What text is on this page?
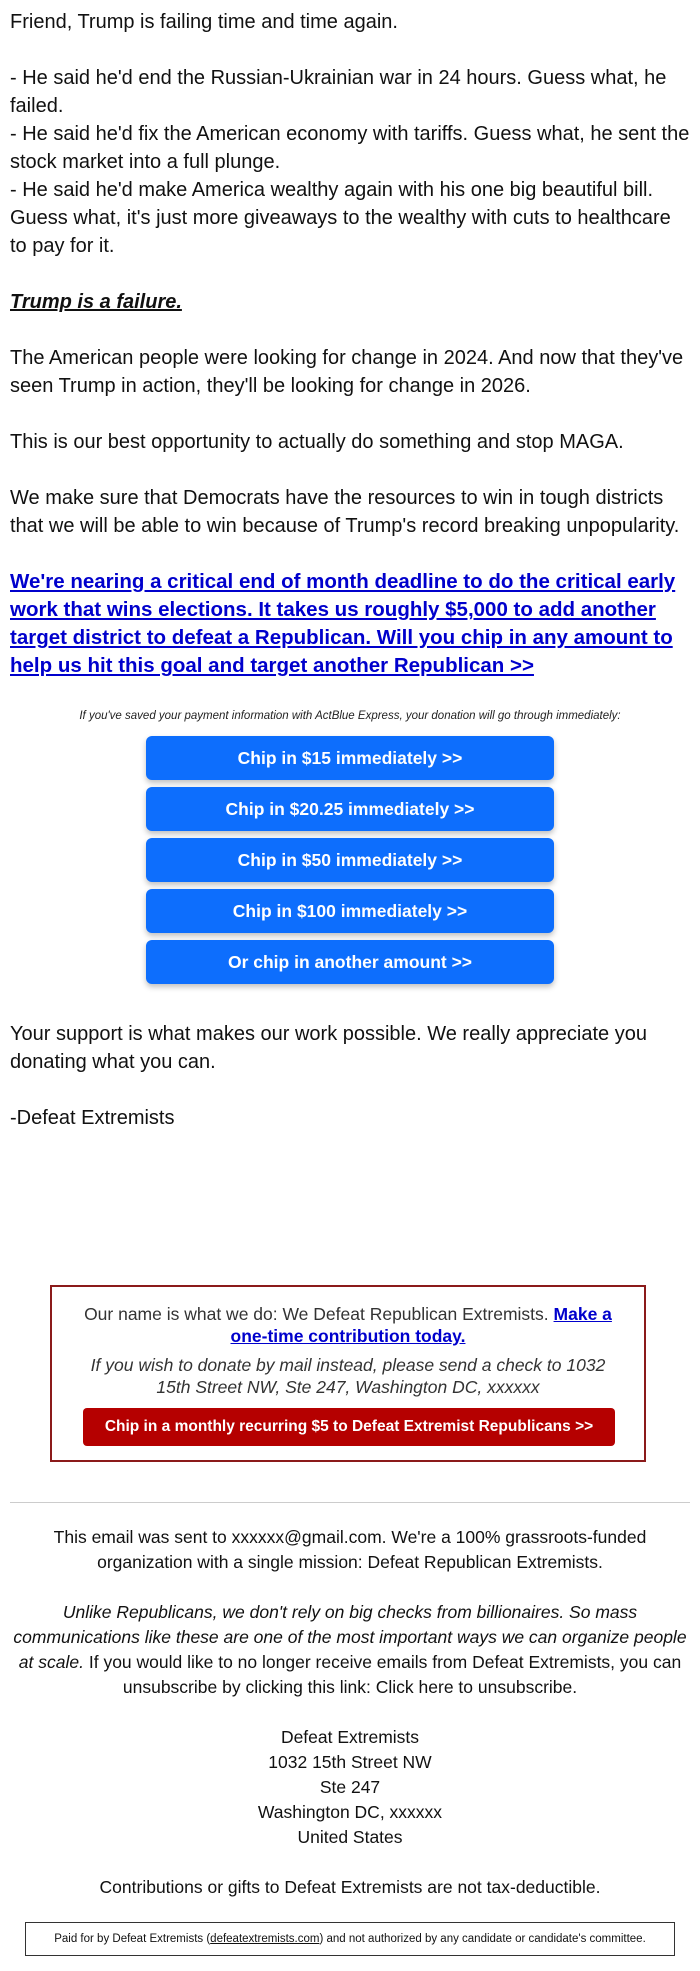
Friend, Trump is failing time and time again.

- He said he'd end the Russian-Ukrainian war in 24 hours. Guess what, he failed.

- He said he'd fix the American economy with tariffs. Guess what, he sent the stock market into a full plunge.

- He said he'd make America wealthy again with his one big beautiful bill. Guess what, it's just more giveaways to the wealthy with cuts to healthcare to pay for it.

Trump is a failure.

The American people were looking for change in 2024. And now that they've seen Trump in action, they'll be looking for change in 2026.

This is our best opportunity to actually do something and stop MAGA.

We make sure that Democrats have the resources to win in tough districts that we will be able to win because of Trump's record breaking unpopularity.

We're nearing a critical end of month deadline to do the critical early work that wins elections. It takes us roughly $5,000 to add another target district to defeat a Republican. Will you chip in any amount to help us hit this goal and target another Republican >>

If you've saved your payment information with ActBlue Express, your donation will go through immediately:
Chip in $15 immediately >>
Chip in $20.25 immediately >>
Chip in $50 immediately >>
Chip in $100 immediately >>
Or chip in another amount >>

Your support is what makes our work possible. We really appreciate you donating what you can.

-Defeat Extremists

Our name is what we do: We Defeat Republican Extremists. Make a one-time contribution today.
If you wish to donate by mail instead, please send a check to 1032 15th Street NW, Ste 247, Washington DC, xxxxxx
Chip in a monthly recurring $5 to Defeat Extremist Republicans >>

This email was sent to xxxxxx@gmail.com. We're a 100% grassroots-funded organization with a single mission: Defeat Republican Extremists.

Unlike Republicans, we don't rely on big checks from billionaires. So mass communications like these are one of the most important ways we can organize people at scale. If you would like to no longer receive emails from Defeat Extremists, you can unsubscribe by clicking this link: Click here to unsubscribe.

Defeat Extremists

1032 15th Street NW

Ste 247

Washington DC, xxxxxx

United States

Contributions or gifts to Defeat Extremists are not tax-deductible.

Paid for by Defeat Extremists ( defeatextremists.com ) and not authorized by any candidate or candidate's committee.
